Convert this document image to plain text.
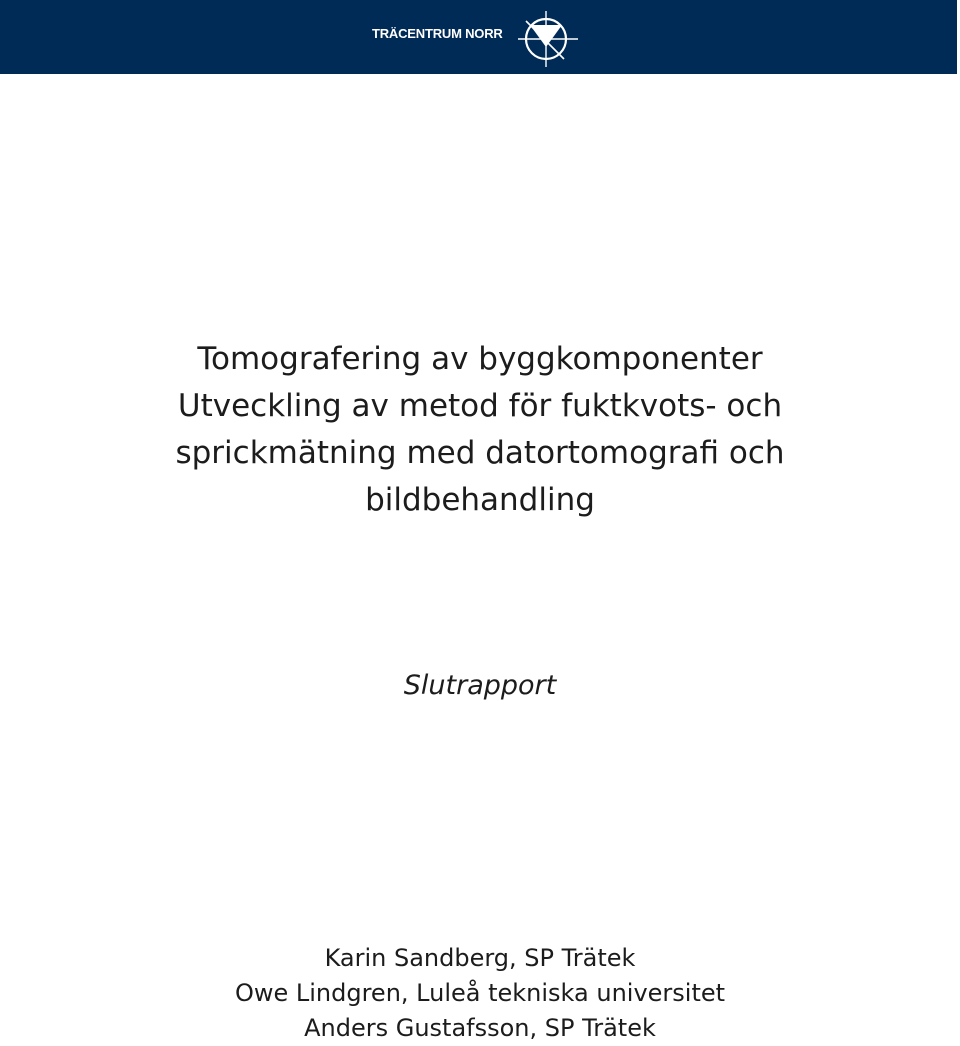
TRÄCENTRUM NORR
Tomografering av byggkomponenter
Utveckling av metod för fuktkvots- och
sprickmätning med datortomografi och
bildbehandling
Slutrapport
Karin Sandberg, SP Trätek
Owe Lindgren, Luleå tekniska universitet
Anders Gustafsson, SP Trätek
